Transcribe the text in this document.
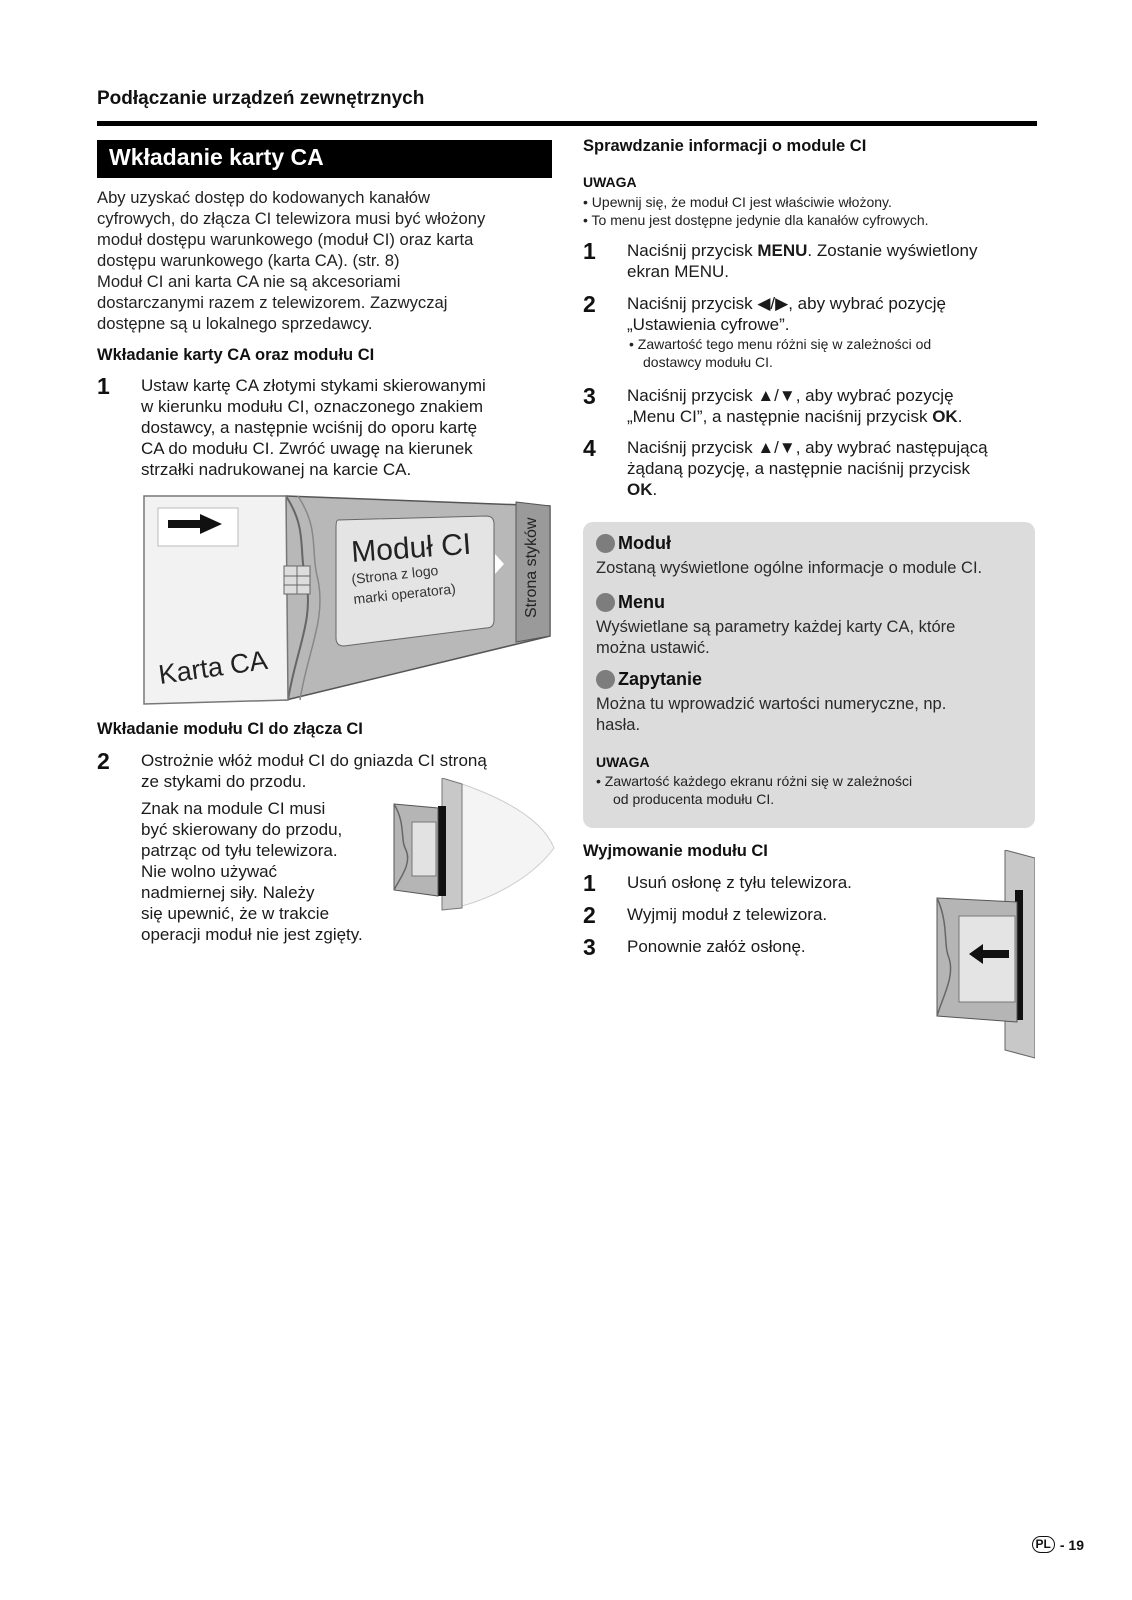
Podłączanie urządzeń zewnętrznych
Wkładanie karty CA
Aby uzyskać dostęp do kodowanych kanałów
cyfrowych, do złącza CI telewizora musi być włożony
moduł dostępu warunkowego (moduł CI) oraz karta
dostępu warunkowego (karta CA). (str. 8)
Moduł CI ani karta CA nie są akcesoriami
dostarczanymi razem z telewizorem. Zazwyczaj
dostępne są u lokalnego sprzedawcy.
Wkładanie karty CA oraz modułu CI
1	Ustaw kartę CA złotymi stykami skierowanymi
w kierunku modułu CI, oznaczonego znakiem
dostawcy, a następnie wciśnij do oporu kartę
CA do modułu CI. Zwróć uwagę na kierunek
strzałki nadrukowanej na karcie CA.
Moduł CI
(Strona z logo
marki operatora)	Strona styków
Karta CA
Wkładanie modułu CI do złącza CI
2	Ostrożnie włóż moduł CI do gniazda CI stroną
ze stykami do przodu.
Znak na module CI musi
być skierowany do przodu,
patrząc od tyłu telewizora.
Nie wolno używać
nadmiernej siły. Należy
się upewnić, że w trakcie
operacji moduł nie jest zgięty.
Sprawdzanie informacji o module CI
UWAGA
• Upewnij się, że moduł CI jest właściwie włożony.
• To menu jest dostępne jedynie dla kanałów cyfrowych.
1	Naciśnij przycisk MENU. Zostanie wyświetlony
ekran MENU.
2	Naciśnij przycisk ◀/▶, aby wybrać pozycję
„Ustawienia cyfrowe”.
• Zawartość tego menu różni się w zależności od
dostawcy modułu CI.
3	Naciśnij przycisk ▲/▼, aby wybrać pozycję
„Menu CI”, a następnie naciśnij przycisk OK.
4	Naciśnij przycisk ▲/▼, aby wybrać następującą
żądaną pozycję, a następnie naciśnij przycisk
OK.
Moduł
Zostaną wyświetlone ogólne informacje o module CI.
Menu
Wyświetlane są parametry każdej karty CA, które
można ustawić.
Zapytanie
Można tu wprowadzić wartości numeryczne, np.
hasła.
UWAGA
• Zawartość każdego ekranu różni się w zależności
od producenta modułu CI.
Wyjmowanie modułu CI
1	Usuń osłonę z tyłu telewizora.
2	Wyjmij moduł z telewizora.
3	Ponownie załóż osłonę.
PL -
19
